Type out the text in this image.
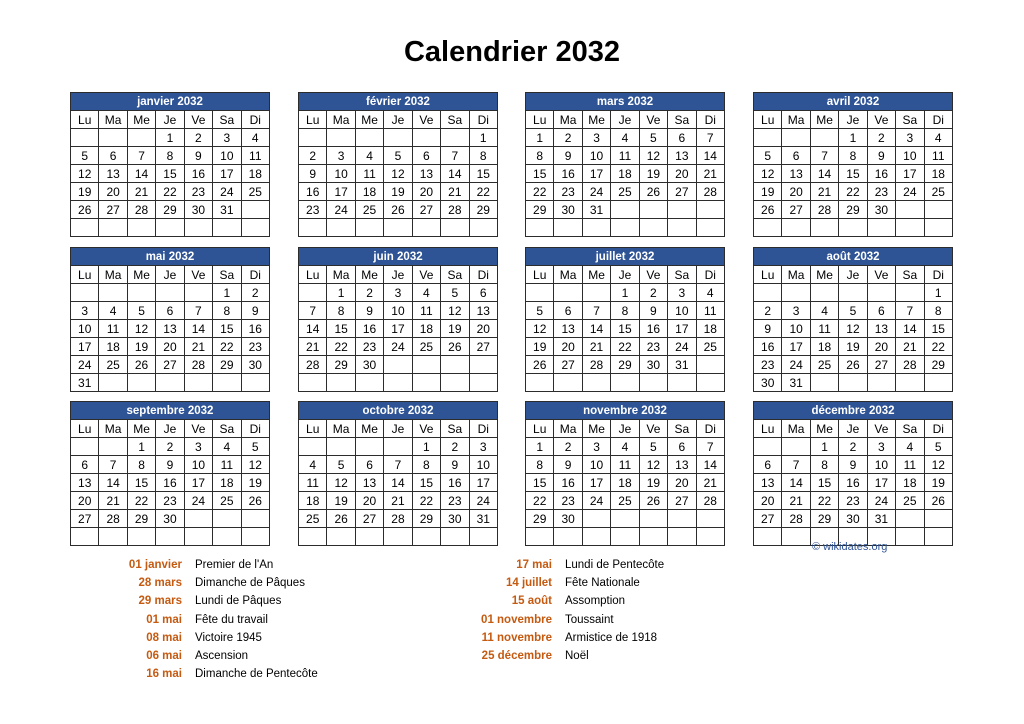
Calendrier 2032
janvier 2032						
Lu	Ma	Me	Je	Ve	Sa	Di
			1	2	3	4
5	6	7	8	9	10	11
12	13	14	15	16	17	18
19	20	21	22	23	24	25
26	27	28	29	30	31	

février 2032						
Lu	Ma	Me	Je	Ve	Sa	Di
						1
2	3	4	5	6	7	8
9	10	11	12	13	14	15
16	17	18	19	20	21	22
23	24	25	26	27	28	29

mars 2032						
Lu	Ma	Me	Je	Ve	Sa	Di
1	2	3	4	5	6	7
8	9	10	11	12	13	14
15	16	17	18	19	20	21
22	23	24	25	26	27	28
29	30	31				

avril 2032						
Lu	Ma	Me	Je	Ve	Sa	Di
			1	2	3	4
5	6	7	8	9	10	11
12	13	14	15	16	17	18
19	20	21	22	23	24	25
26	27	28	29	30		

mai 2032						
Lu	Ma	Me	Je	Ve	Sa	Di
					1	2
3	4	5	6	7	8	9
10	11	12	13	14	15	16
17	18	19	20	21	22	23
24	25	26	27	28	29	30
31						
juin 2032						
Lu	Ma	Me	Je	Ve	Sa	Di
	1	2	3	4	5	6
7	8	9	10	11	12	13
14	15	16	17	18	19	20
21	22	23	24	25	26	27
28	29	30				

juillet 2032						
Lu	Ma	Me	Je	Ve	Sa	Di
			1	2	3	4
5	6	7	8	9	10	11
12	13	14	15	16	17	18
19	20	21	22	23	24	25
26	27	28	29	30	31	

août 2032						
Lu	Ma	Me	Je	Ve	Sa	Di
						1
2	3	4	5	6	7	8
9	10	11	12	13	14	15
16	17	18	19	20	21	22
23	24	25	26	27	28	29
30	31					
septembre 2032						
Lu	Ma	Me	Je	Ve	Sa	Di
		1	2	3	4	5
6	7	8	9	10	11	12
13	14	15	16	17	18	19
20	21	22	23	24	25	26
27	28	29	30			

octobre 2032						
Lu	Ma	Me	Je	Ve	Sa	Di
				1	2	3
4	5	6	7	8	9	10
11	12	13	14	15	16	17
18	19	20	21	22	23	24
25	26	27	28	29	30	31

novembre 2032						
Lu	Ma	Me	Je	Ve	Sa	Di
1	2	3	4	5	6	7
8	9	10	11	12	13	14
15	16	17	18	19	20	21
22	23	24	25	26	27	28
29	30					

décembre 2032						
Lu	Ma	Me	Je	Ve	Sa	Di
		1	2	3	4	5
6	7	8	9	10	11	12
13	14	15	16	17	18	19
20	21	22	23	24	25	26
27	28	29	30	31		

© wikidates.org
01 janvier Premier de l'An
28 mars Dimanche de Pâques
29 mars Lundi de Pâques
01 mai Fête du travail
08 mai Victoire 1945
06 mai Ascension
16 mai Dimanche de Pentecôte
17 mai Lundi de Pentecôte
14 juillet Fête Nationale
15 août Assomption
01 novembre Toussaint
11 novembre Armistice de 1918
25 décembre Noël
